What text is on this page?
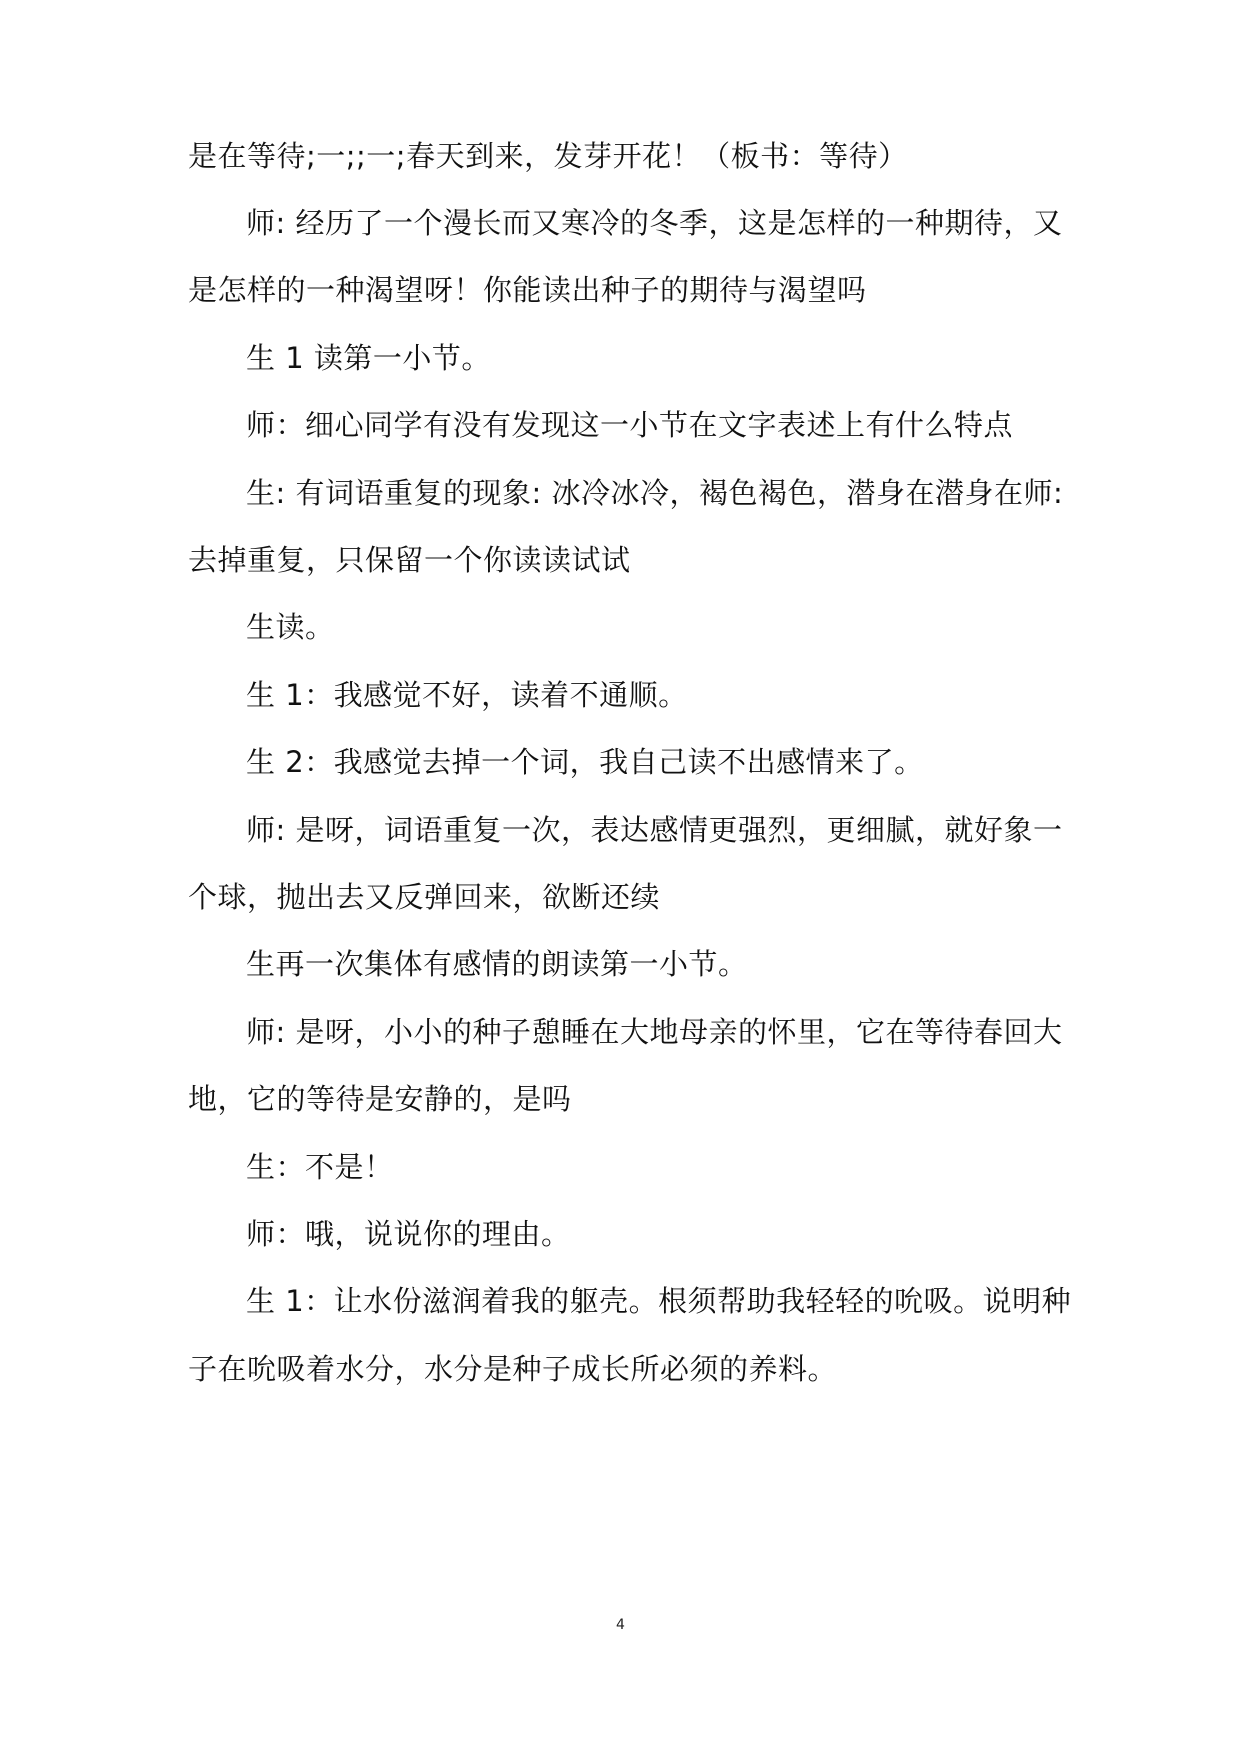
是在等待;一;;一;春天到来，发芽开花！（板书：等待）
师: 经历了一个漫长而又寒冷的冬季，这是怎样的一种期待，又
是怎样的一种渴望呀！你能读出种子的期待与渴望吗
生 1 读第一小节。
师：细心同学有没有发现这一小节在文字表述上有什么特点
生: 有词语重复的现象: 冰冷冰冷，褐色褐色，潜身在潜身在师:
去掉重复，只保留一个你读读试试
生读。
生 1：我感觉不好，读着不通顺。
生 2：我感觉去掉一个词，我自己读不出感情来了。
师: 是呀，词语重复一次，表达感情更强烈，更细腻，就好象一
个球，抛出去又反弹回来，欲断还续
生再一次集体有感情的朗读第一小节。
师: 是呀，小小的种子憩睡在大地母亲的怀里，它在等待春回大
地，它的等待是安静的，是吗
生：不是！
师：哦，说说你的理由。
生 1：让水份滋润着我的躯壳。根须帮助我轻轻的吮吸。说明种
子在吮吸着水分，水分是种子成长所必须的养料。
4
